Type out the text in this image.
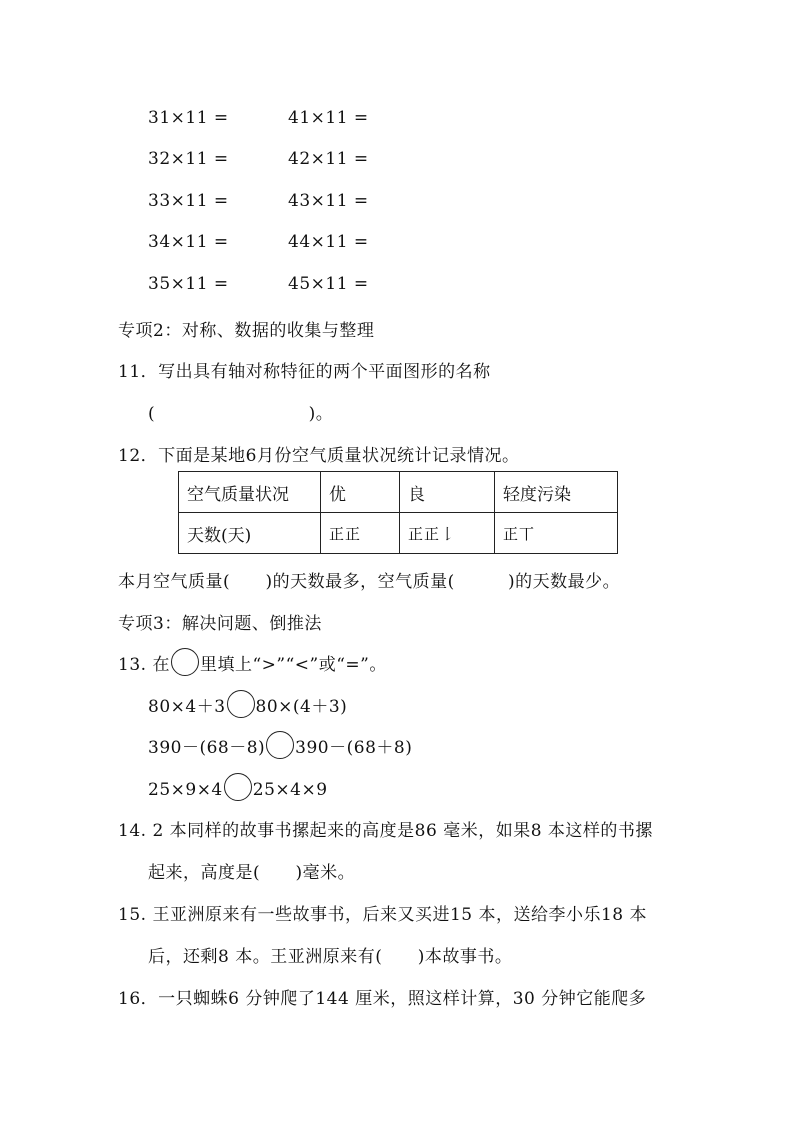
31×11 =	41×11 =
32×11 =	42×11 =
33×11 =	43×11 =
34×11 =	44×11 =
35×11 =	45×11 =
专项2：对称、数据的收集与整理
11．写出具有轴对称特征的两个平面图形的名称
(                          )。
12．下面是某地6月份空气质量状况统计记录情况。
空气质量状况	优	良	轻度污染
天数(天)	正正	正正𠄌	正丅
本月空气质量(      )的天数最多，空气质量(         )的天数最少。
专项3：解决问题、倒推法
13. 在 里填上“>”“<”或“=”。
80×4＋3 80×(4＋3)
390－(68－8) 390－(68＋8)
25×9×4 25×4×9
14. 2 本同样的故事书摞起来的高度是86 毫米，如果8 本这样的书摞
起来，高度是(      )毫米。
15. 王亚洲原来有一些故事书，后来又买进15 本，送给李小乐18 本
后，还剩8 本。王亚洲原来有(      )本故事书。
16．一只蜘蛛6 分钟爬了144 厘米，照这样计算，30 分钟它能爬多
